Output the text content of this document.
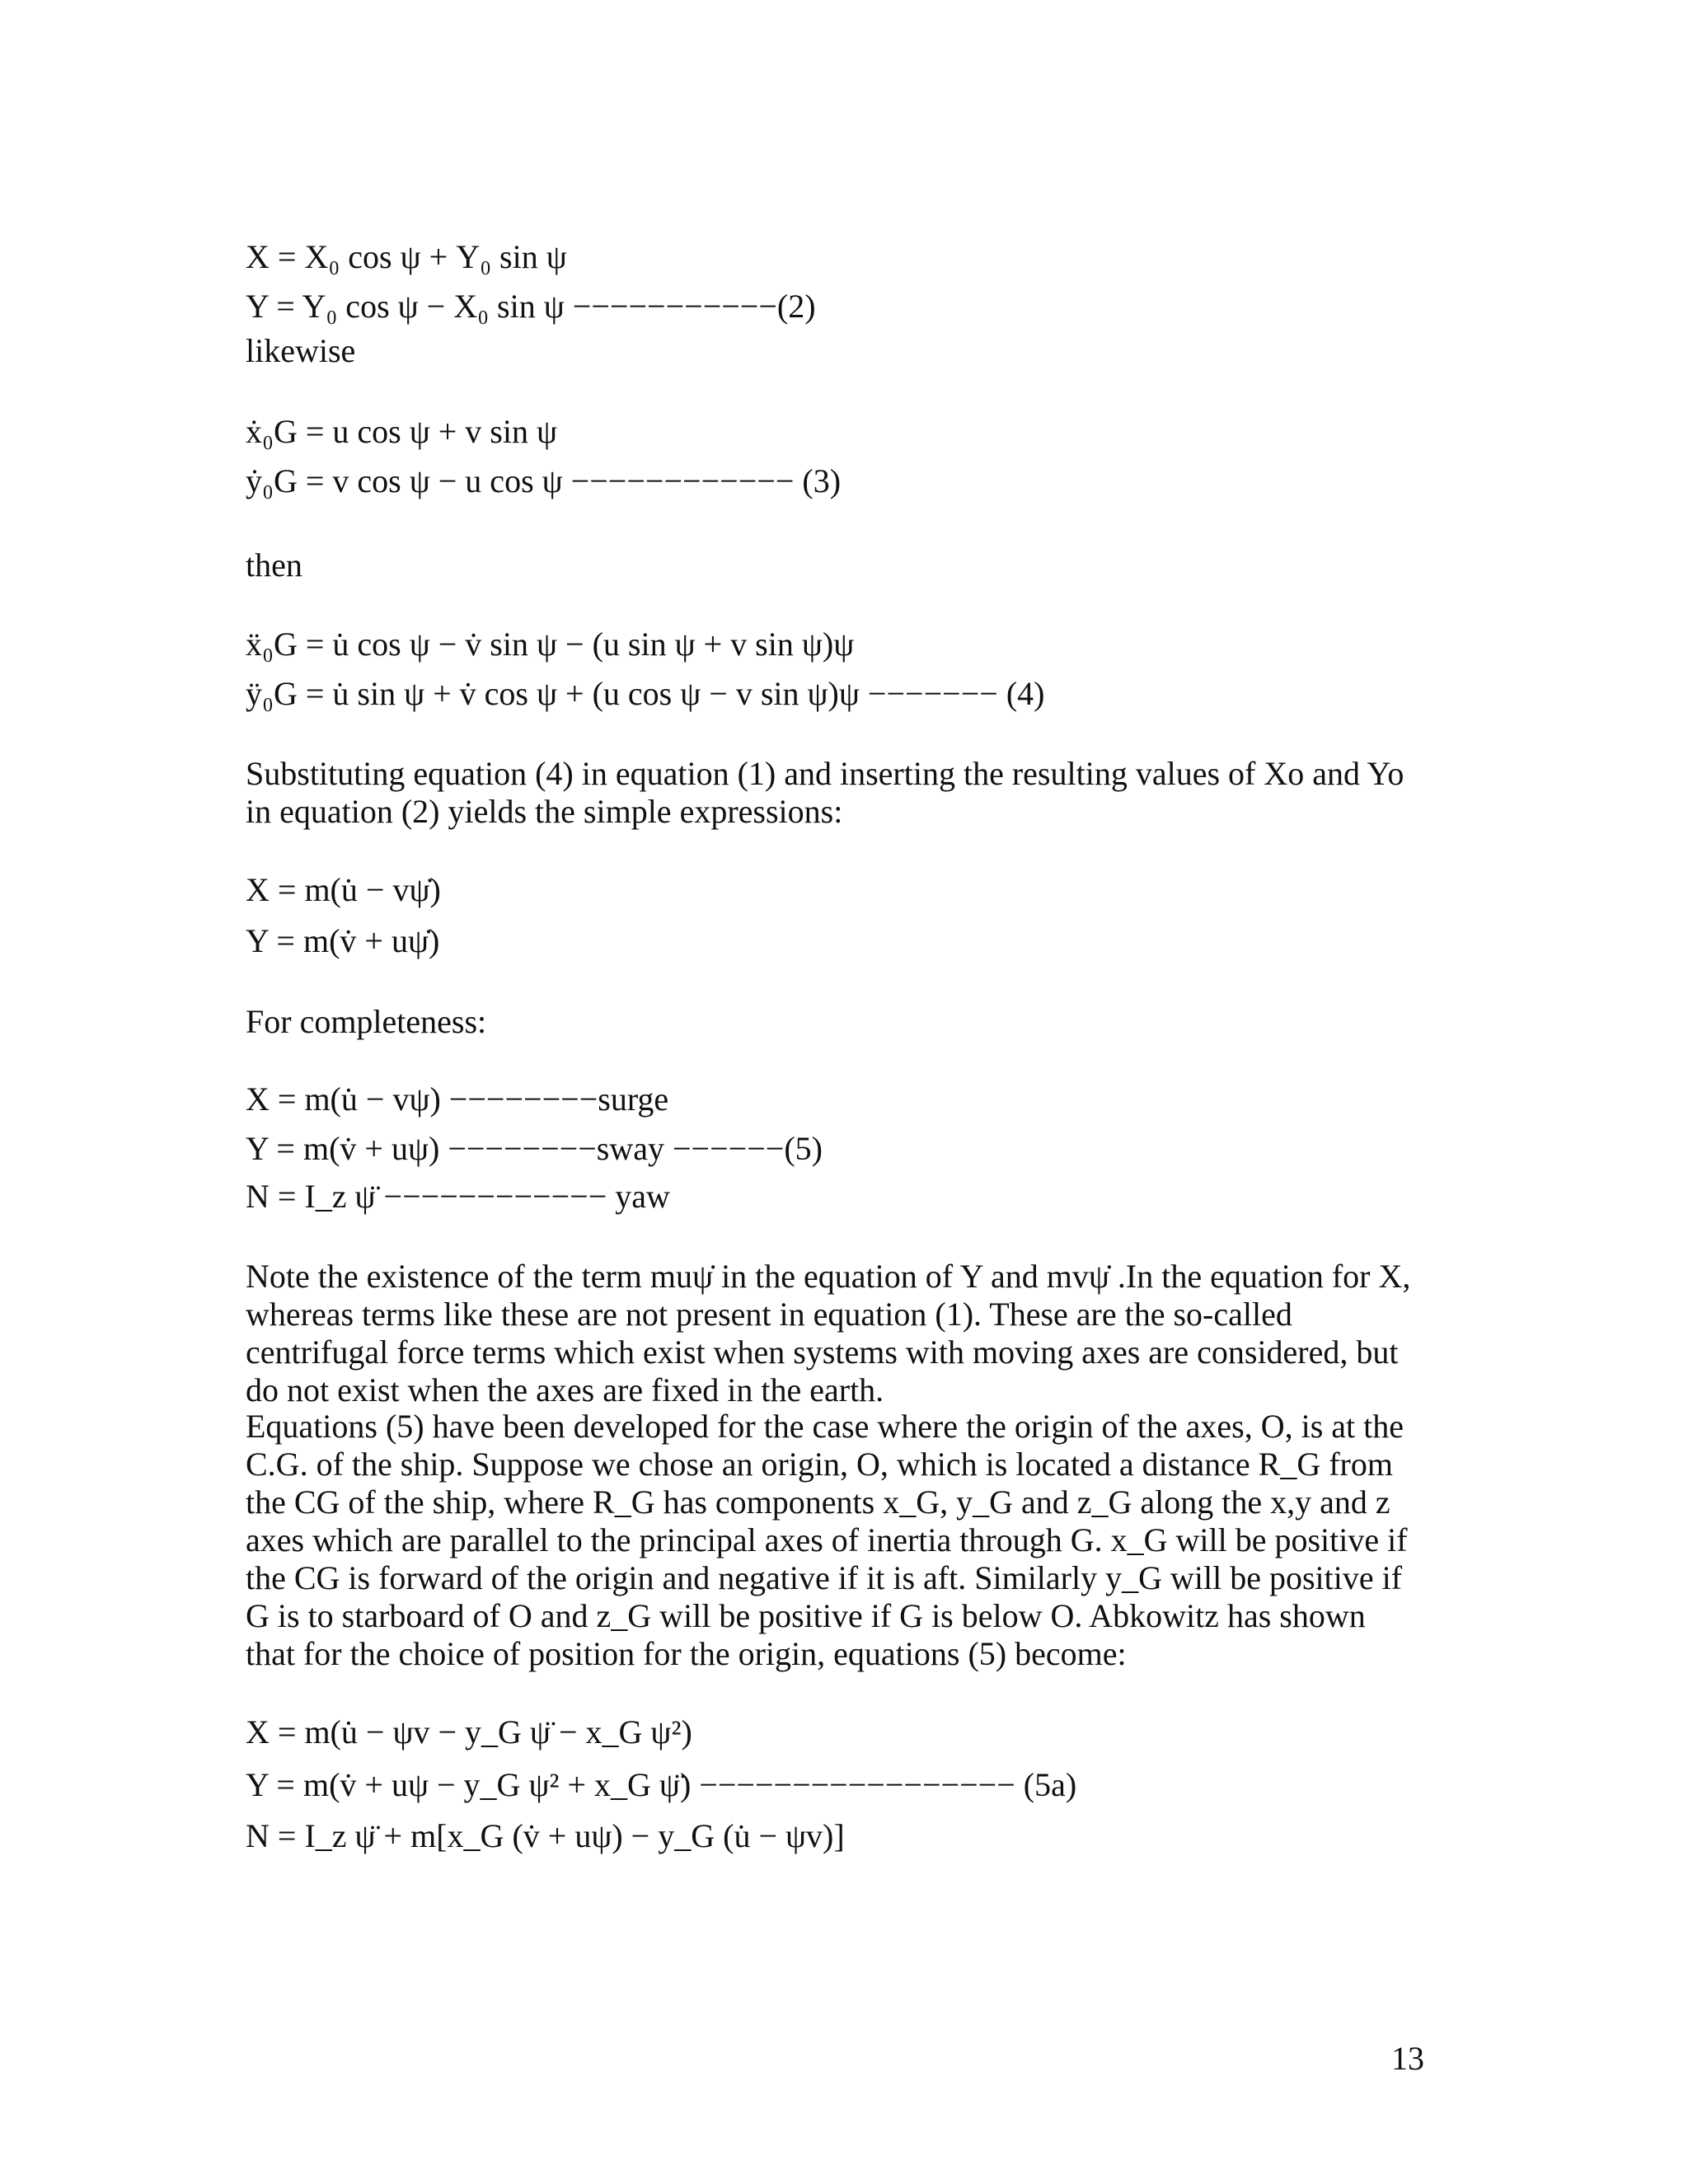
X = X₀ cos ψ + Y₀ sin ψ
Y = Y₀ cos ψ − X₀ sin ψ −−−−−−−−−−−(2)
likewise
ẋ₀G = u cos ψ + v sin ψ
ẏ₀G = v cos ψ − u cos ψ −−−−−−−−−−−− (3)
then
ẍ₀G = u̇ cos ψ − v̇ sin ψ − (u sin ψ + v sin ψ)ψ
ÿ₀G = u̇ sin ψ + v̇ cos ψ + (u cos ψ − v sin ψ)ψ −−−−−−− (4)

Substituting equation (4) in equation (1) and inserting the resulting values of Xo and Yo in equation (2) yields the simple expressions:

X = m(u̇ − vψ̇)
Y = m(v̇ + uψ̇)
For completeness:
X = m(u̇ − vψ) −−−−−−−−surge
Y = m(v̇ + uψ) −−−−−−−−sway −−−−−−(5)
N = I_z ψ̈ −−−−−−−−−−−− yaw

Note the existence of the term muψ̇ in the equation of Y and mvψ̇ .In the equation for X, whereas terms like these are not present in equation (1). These are the so-called centrifugal force terms which exist when systems with moving axes are considered, but do not exist when the axes are fixed in the earth.

Equations (5) have been developed for the case where the origin of the axes, O, is at the C.G. of the ship. Suppose we chose an origin, O, which is located a distance R_G from the CG of the ship, where R_G has components x_G, y_G and z_G along the x,y and z axes which are parallel to the principal axes of inertia through G. x_G will be positive if the CG is forward of the origin and negative if it is aft. Similarly y_G will be positive if G is to starboard of O and z_G will be positive if G is below O. Abkowitz has shown that for the choice of position for the origin, equations (5) become:

X = m(u̇ − ψv − y_G ψ̈ − x_G ψ²)
Y = m(v̇ + uψ − y_G ψ² + x_G ψ̈) −−−−−−−−−−−−−−−−− (5a)
N = I_z ψ̈ + m[x_G (v̇ + uψ) − y_G (u̇ − ψv)]
13
